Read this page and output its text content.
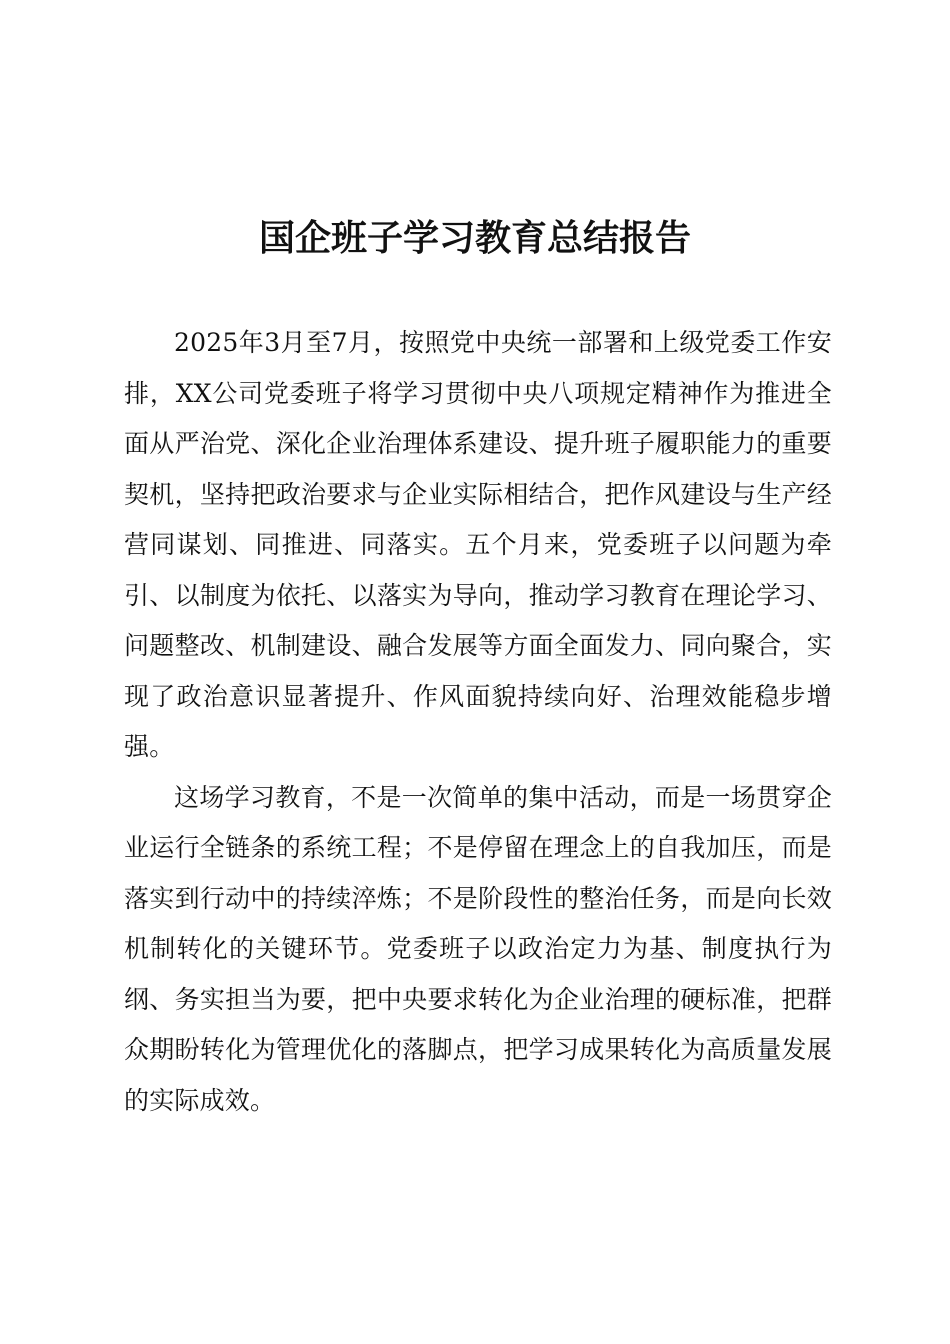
国企班子学习教育总结报告

2025年3月至7月，按照党中央统一部署和上级党委工作安排，XX公司党委班子将学习贯彻中央八项规定精神作为推进全面从严治党、深化企业治理体系建设、提升班子履职能力的重要契机，坚持把政治要求与企业实际相结合，把作风建设与生产经营同谋划、同推进、同落实。五个月来，党委班子以问题为牵引、以制度为依托、以落实为导向，推动学习教育在理论学习、问题整改、机制建设、融合发展等方面全面发力、同向聚合，实现了政治意识显著提升、作风面貌持续向好、治理效能稳步增强。

这场学习教育，不是一次简单的集中活动，而是一场贯穿企业运行全链条的系统工程；不是停留在理念上的自我加压，而是落实到行动中的持续淬炼；不是阶段性的整治任务，而是向长效机制转化的关键环节。党委班子以政治定力为基、制度执行为纲、务实担当为要，把中央要求转化为企业治理的硬标准，把群众期盼转化为管理优化的落脚点，把学习成果转化为高质量发展的实际成效。
